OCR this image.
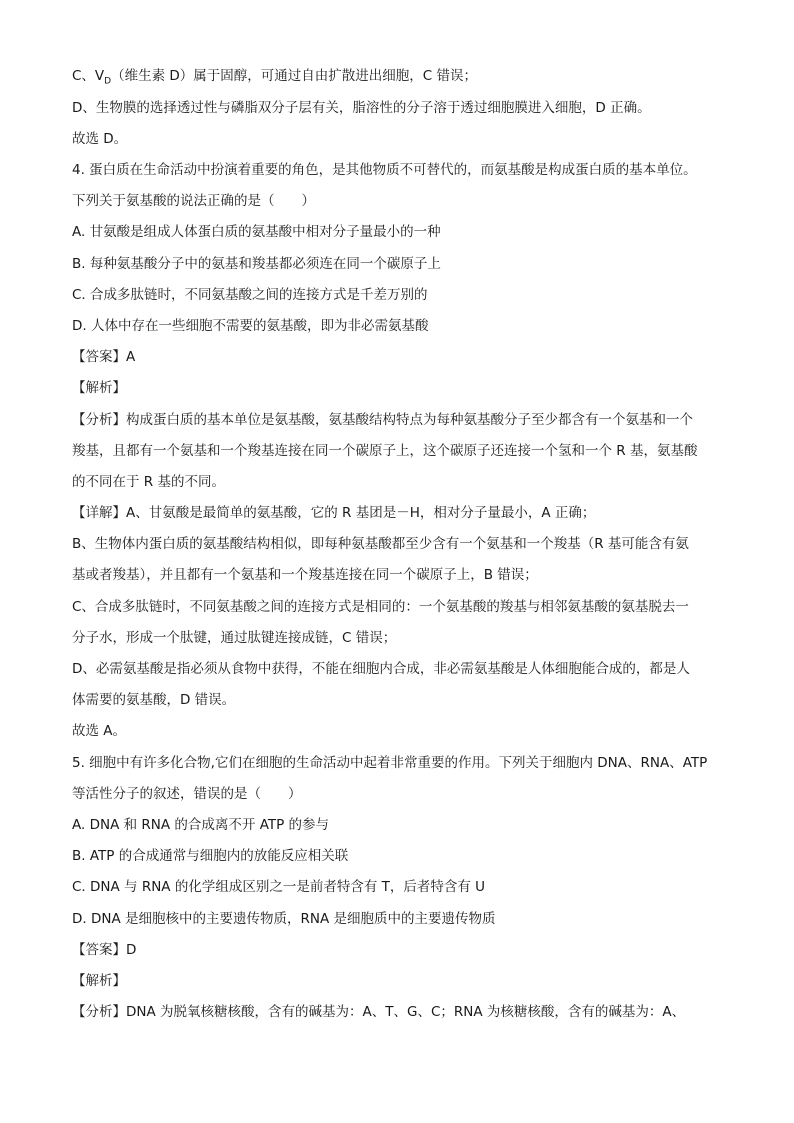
C、$V_D$（维生素 D）属于固醇，可通过自由扩散进出细胞，C 错误；
D、生物膜的选择透过性与磷脂双分子层有关，脂溶性的分子溶于透过细胞膜进入细胞，D 正确。
故选 D。
4. 蛋白质在生命活动中扮演着重要的角色，是其他物质不可替代的，而氨基酸是构成蛋白质的基本单位。
下列关于氨基酸的说法正确的是（　　）
A. 甘氨酸是组成人体蛋白质的氨基酸中相对分子量最小的一种
B. 每种氨基酸分子中的氨基和羧基都必须连在同一个碳原子上
C. 合成多肽链时，不同氨基酸之间的连接方式是千差万别的
D. 人体中存在一些细胞不需要的氨基酸，即为非必需氨基酸
【答案】A
【解析】
【分析】构成蛋白质的基本单位是氨基酸，氨基酸结构特点为每种氨基酸分子至少都含有一个氨基和一个
羧基，且都有一个氨基和一个羧基连接在同一个碳原子上，这个碳原子还连接一个氢和一个 R 基，氨基酸
的不同在于 R 基的不同。
【详解】A、甘氨酸是最简单的氨基酸，它的 R 基团是－H，相对分子量最小，A 正确；
B、生物体内蛋白质的氨基酸结构相似，即每种氨基酸都至少含有一个氨基和一个羧基（R 基可能含有氨
基或者羧基），并且都有一个氨基和一个羧基连接在同一个碳原子上，B 错误；
C、合成多肽链时，不同氨基酸之间的连接方式是相同的：一个氨基酸的羧基与相邻氨基酸的氨基脱去一
分子水，形成一个肽键，通过肽键连接成链，C 错误；
D、必需氨基酸是指必须从食物中获得，不能在细胞内合成，非必需氨基酸是人体细胞能合成的，都是人
体需要的氨基酸，D 错误。
故选 A。
5. 细胞中有许多化合物,它们在细胞的生命活动中起着非常重要的作用。下列关于细胞内 DNA、RNA、ATP
等活性分子的叙述，错误的是（　　）
A. DNA 和 RNA 的合成离不开 ATP 的参与
B. ATP 的合成通常与细胞内的放能反应相关联
C. DNA 与 RNA 的化学组成区别之一是前者特含有 T，后者特含有 U
D. DNA 是细胞核中的主要遗传物质，RNA 是细胞质中的主要遗传物质
【答案】D
【解析】
【分析】DNA 为脱氧核糖核酸，含有的碱基为：A、T、G、C；RNA 为核糖核酸，含有的碱基为：A、
